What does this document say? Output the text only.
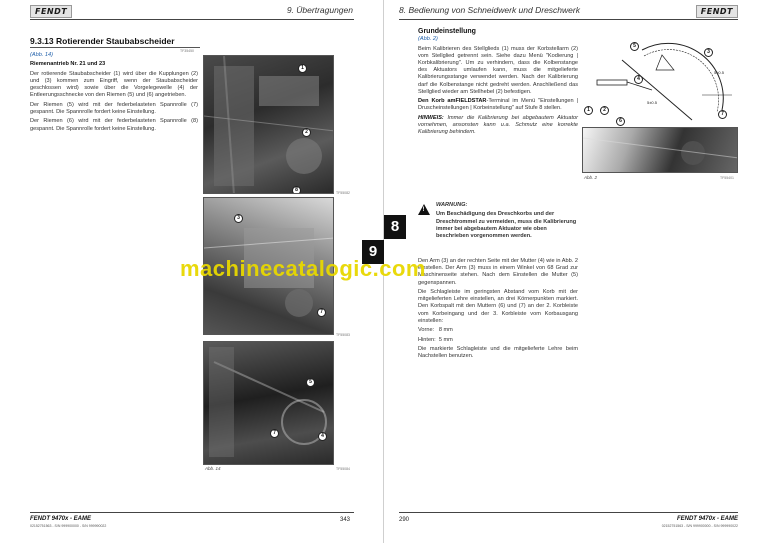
FENDT	9. Übertragungen
9.3.13 Rotierender Staubabscheider
TF35450

(Abb. 14)

Riemenantrieb Nr. 21 und 23

Der rotierende Staubabscheider (1) wird über die Kupplungen (2) und (3) kommen zum Eingriff, wenn der Staubabscheider geschlossen wird) sowie über die Vorgelegewelle (4) der Entleerungsschnecke von den Riemen (5) und (6) angetrieben.

Der Riemen (5) wird mit der federbelasteten Spannrolle (7) gespannt. Die Spannrolle fordert keine Einstellung.

Der Riemen (6) wird mit der federbelasteten Spannrolle (8) gespannt. Die Spannrolle fordert keine Einstellung.

1
2
8	TF55082
3
7
TF55083
5
7	4
Abb. 14	TF55084
9
FENDT 9470x - EAME
02152751563 - S/N 999900000 - S/N 999990022
343
8. Bedienung von Schneidwerk und Dreschwerk	FENDT
8

Grundeinstellung

(Abb. 2)

Beim Kalibrieren des Stellglieds (1) muss der Korbstellarm (2) vom Stellglied getrennt sein. Siehe dazu Menü "Kodierung | Korbkalibrierung". Um zu verhindern, dass die Kolbenstange des Aktuators umlaufen kann, muss die mitgelieferte Kalibrierungsstange verwendet werden. Nach der Kalibrierung darf die Kolbenstange nicht gedreht werden. Anschließend das Stellglied wieder am Stellhebel (2) befestigen.

Den Korb amFIELDSTAR-Terminal im Menü "Einstellungen | Druscheinstellungen | Korbeinstellung" auf Stufe 8 stellen.

HINWEIS: Immer die Kalibrierung bei abgebautem Aktuator vornehmen, ansonsten kann u.a. Schmutz eine korrekte Kalibrierung behindern.

!

WARNUNG:

Um Beschädigung des Dreschkorbs und der Dreschtrommel zu vermeiden, muss die Kalibrierung immer bei abgebautem Aktuator wie oben beschrieben vorgenommen werden.

Den Arm (3) an der rechten Seite mit der Mutter (4) wie in Abb. 2 einstellen. Der Arm (3) muss in einem Winkel von 68 Grad zur Maschinenseite stehen. Nach dem Einstellen die Mutter (5) gegenspannen.

Die Schlagleiste im geringsten Abstand vom Korb mit der mitgelieferten Lehre einstellen, an drei Körnerpunkten markiert. Den Korbspalt mit den Muttern (6) und (7) an der 2. Korbleiste vom Korbeingang und der 3. Korbleiste vom Korbausgang einstellen:

Vorne: 8 mm

Hinten: 5 mm

Die markierte Schlagleiste und die mitgelieferte Lehre beim Nachstellen benutzen.

5
3
4
1	2
6
7
5±0.5
5±0.5
Abb. 2	TF55401
290	FENDT 9470x - EAME
02152751563 - S/N 999900000 - S/N 999990022
machinecatalogic.com
